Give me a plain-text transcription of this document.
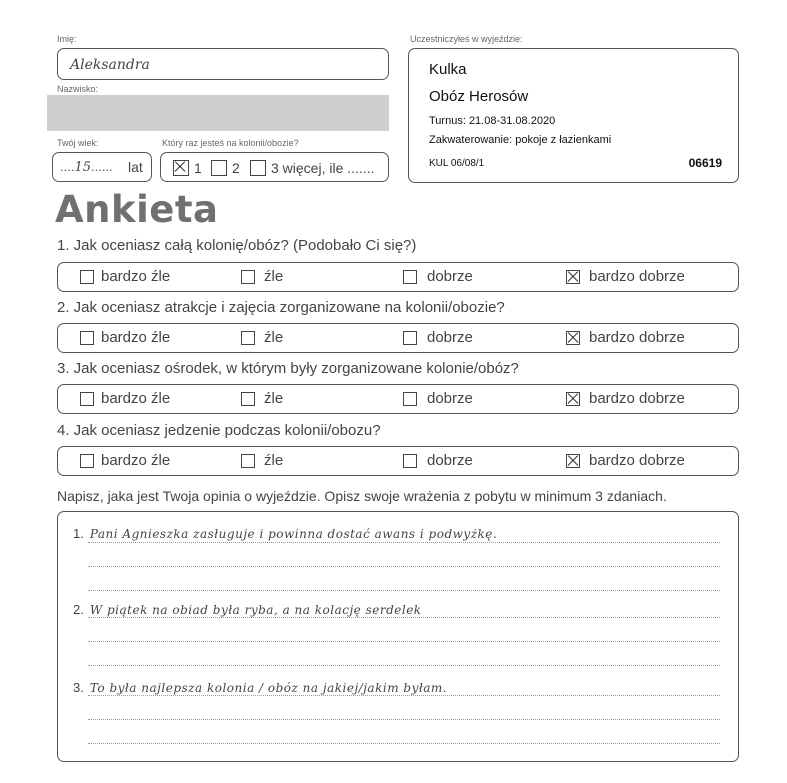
Imię:
Aleksandra
Nazwisko:
Twój wiek:
....15...... lat
Który raz jesteś na kolonii/obozie?
1 2 3 więcej, ile .......
Uczestniczyłeś w wyjeździe:
Kulka
Obóz Herosów
Turnus: 21.08-31.08.2020
Zakwaterowanie: pokoje z łazienkami
KUL 06/08/1	06619
Ankieta
1. Jak oceniasz całą kolonię/obóz? (Podobało Ci się?)
bardzo źle	źle	dobrze	bardzo dobrze
2. Jak oceniasz atrakcje i zajęcia zorganizowane na kolonii/obozie?
bardzo źle	źle	dobrze	bardzo dobrze
3. Jak oceniasz ośrodek, w którym były zorganizowane kolonie/obóz?
bardzo źle	źle	dobrze	bardzo dobrze
4. Jak oceniasz jedzenie podczas kolonii/obozu?
bardzo źle	źle	dobrze	bardzo dobrze
Napisz, jaka jest Twoja opinia o wyjeździe. Opisz swoje wrażenia z pobytu w minimum 3 zdaniach.
1. Pani Agnieszka zasługuje i powinna dostać awans i podwyżkę.
2. W piątek na obiad była ryba, a na kolację serdelek
3. To była najlepsza kolonia / obóz na jakiej/jakim byłam.
